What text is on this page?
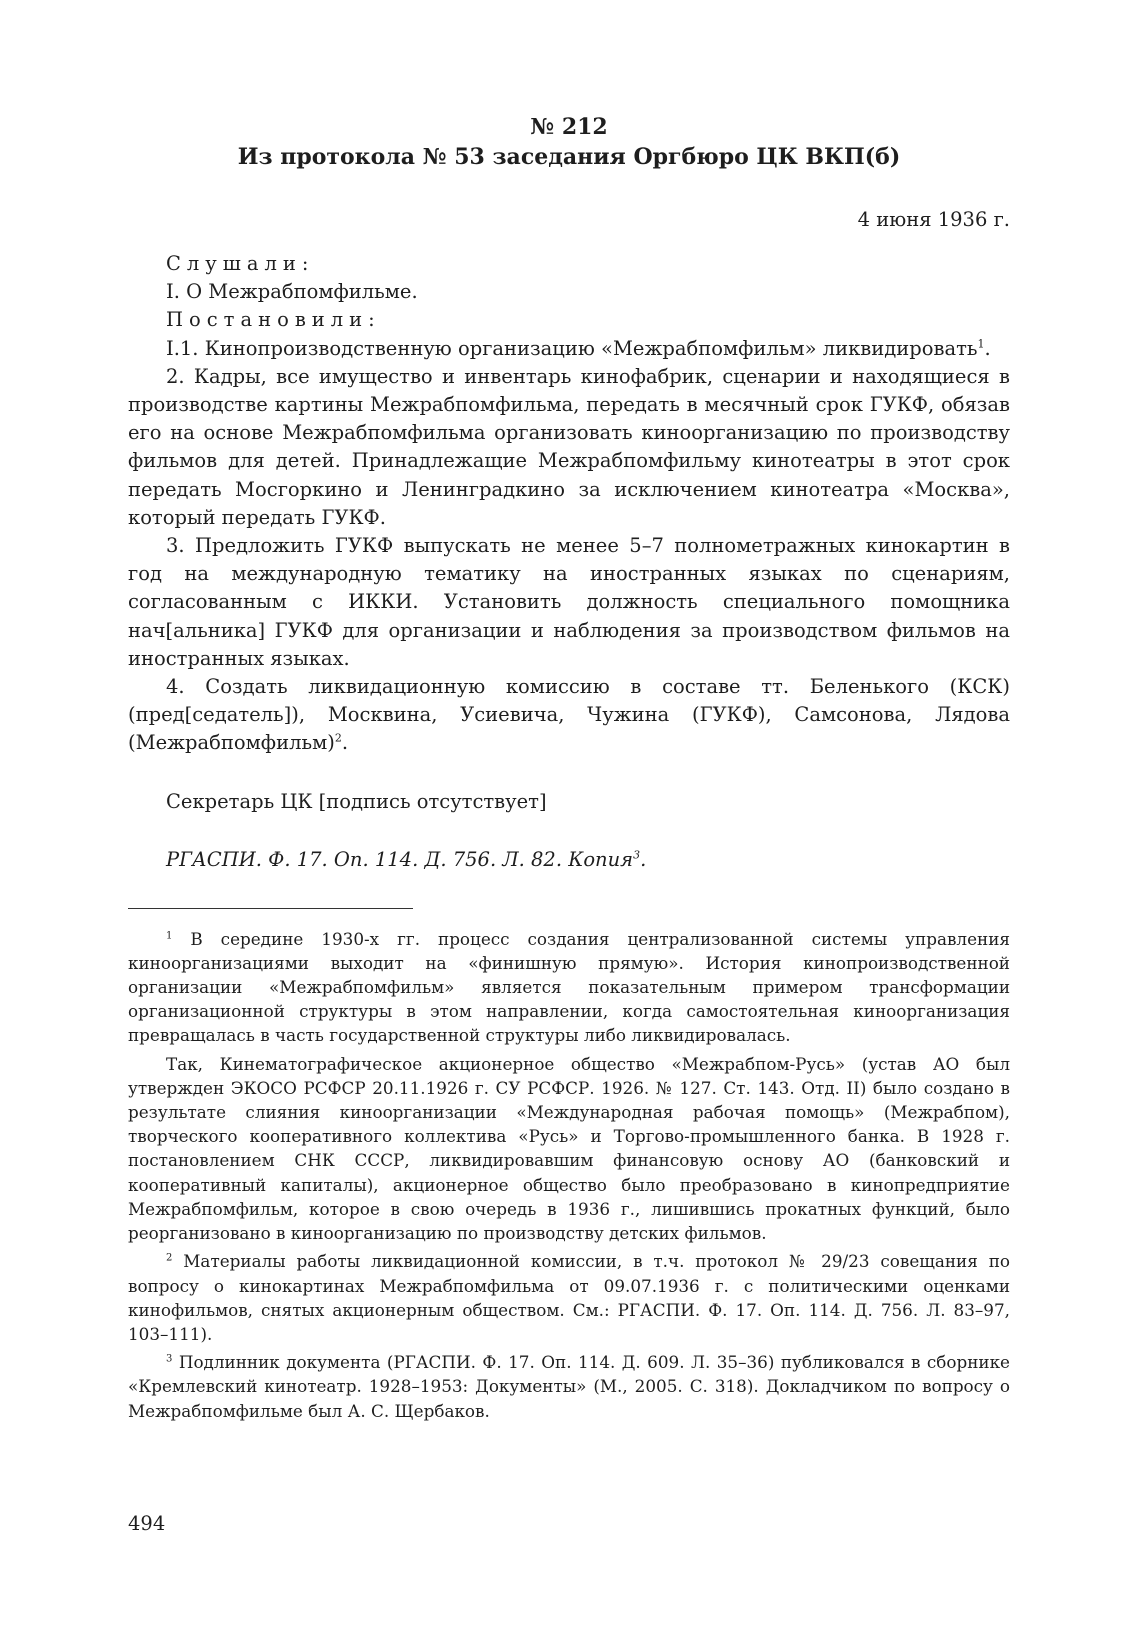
№ 212

Из протокола № 53 заседания Оргбюро ЦК ВКП(б)

4 июня 1936 г.

Слушали:

I. О Межрабпомфильме.

Постановили:

I.1. Кинопроизводственную организацию «Межрабпомфильм» ликвидировать$^1$.

2. Кадры, все имущество и инвентарь кинофабрик, сценарии и находящиеся в производстве картины Межрабпомфильма, передать в месячный срок ГУКФ, обязав его на основе Межрабпомфильма организовать киноорганизацию по производству фильмов для детей. Принадлежащие Межрабпомфильму кинотеатры в этот срок передать Мосгоркино и Ленинградкино за исключением кинотеатра «Москва», который передать ГУКФ.

3. Предложить ГУКФ выпускать не менее 5–7 полнометражных кинокартин в год на международную тематику на иностранных языках по сценариям, согласованным с ИККИ. Установить должность специального помощника нач[альника] ГУКФ для организации и наблюдения за производством фильмов на иностранных языках.

4. Создать ликвидационную комиссию в составе тт. Беленького (КСК) (пред[седатель]), Москвина, Усиевича, Чужина (ГУКФ), Самсонова, Лядова (Межрабпомфильм)$^2$.

Секретарь ЦК [подпись отсутствует]
РГАСПИ. Ф. 17. Оп. 114. Д. 756. Л. 82. Копия$^3$.

$^1$ В середине 1930-х гг. процесс создания централизованной системы управления киноорганизациями выходит на «финишную прямую». История кинопроизводственной организации «Межрабпомфильм» является показательным примером трансформации организационной структуры в этом направлении, когда самостоятельная киноорганизация превращалась в часть государственной структуры либо ликвидировалась.

Так, Кинематографическое акционерное общество «Межрабпом-Русь» (устав АО был утвержден ЭКОСО РСФСР 20.11.1926 г. СУ РСФСР. 1926. № 127. Ст. 143. Отд. II) было создано в результате слияния киноорганизации «Международная рабочая помощь» (Межрабпом), творческого кооперативного коллектива «Русь» и Торгово-промышленного банка. В 1928 г. постановлением СНК СССР, ликвидировавшим финансовую основу АО (банковский и кооперативный капиталы), акционерное общество было преобразовано в кинопредприятие Межрабпомфильм, которое в свою очередь в 1936 г., лишившись прокатных функций, было реорганизовано в киноорганизацию по производству детских фильмов.

$^2$ Материалы работы ликвидационной комиссии, в т.ч. протокол № 29/23 совещания по вопросу о кинокартинах Межрабпомфильма от 09.07.1936 г. с политическими оценками кинофильмов, снятых акционерным обществом. См.: РГАСПИ. Ф. 17. Оп. 114. Д. 756. Л. 83–97, 103–111).

$^3$ Подлинник документа (РГАСПИ. Ф. 17. Оп. 114. Д. 609. Л. 35–36) публиковался в сборнике «Кремлевский кинотеатр. 1928–1953: Документы» (М., 2005. С. 318). Докладчиком по вопросу о Межрабпомфильме был А. С. Щербаков.

494
